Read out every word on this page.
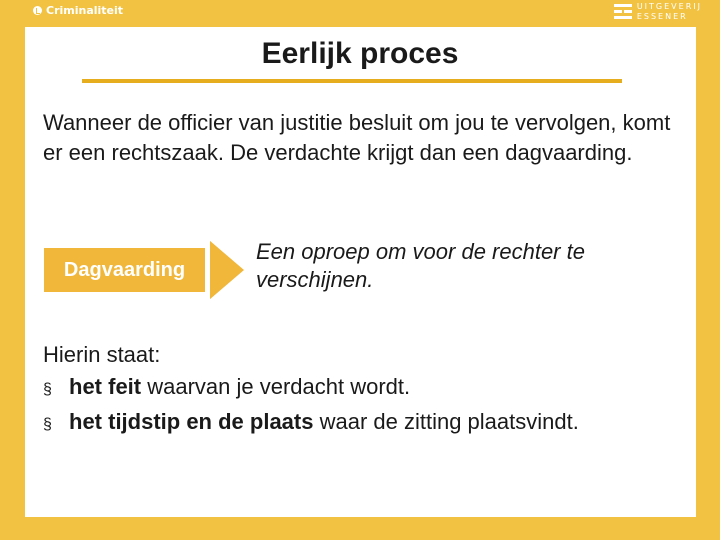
Criminaliteit	UITGEVERIJ
ESSENER
Eerlijk proces
Wanneer de officier van justitie besluit om jou te vervolgen, komt er een rechtszaak. De verdachte krijgt dan een dagvaarding.
Dagvaarding
Een oproep om voor de rechter te verschijnen.
Hierin staat:
§ het feit waarvan je verdacht wordt.
§ het tijdstip en de plaats waar de zitting plaatsvindt.
